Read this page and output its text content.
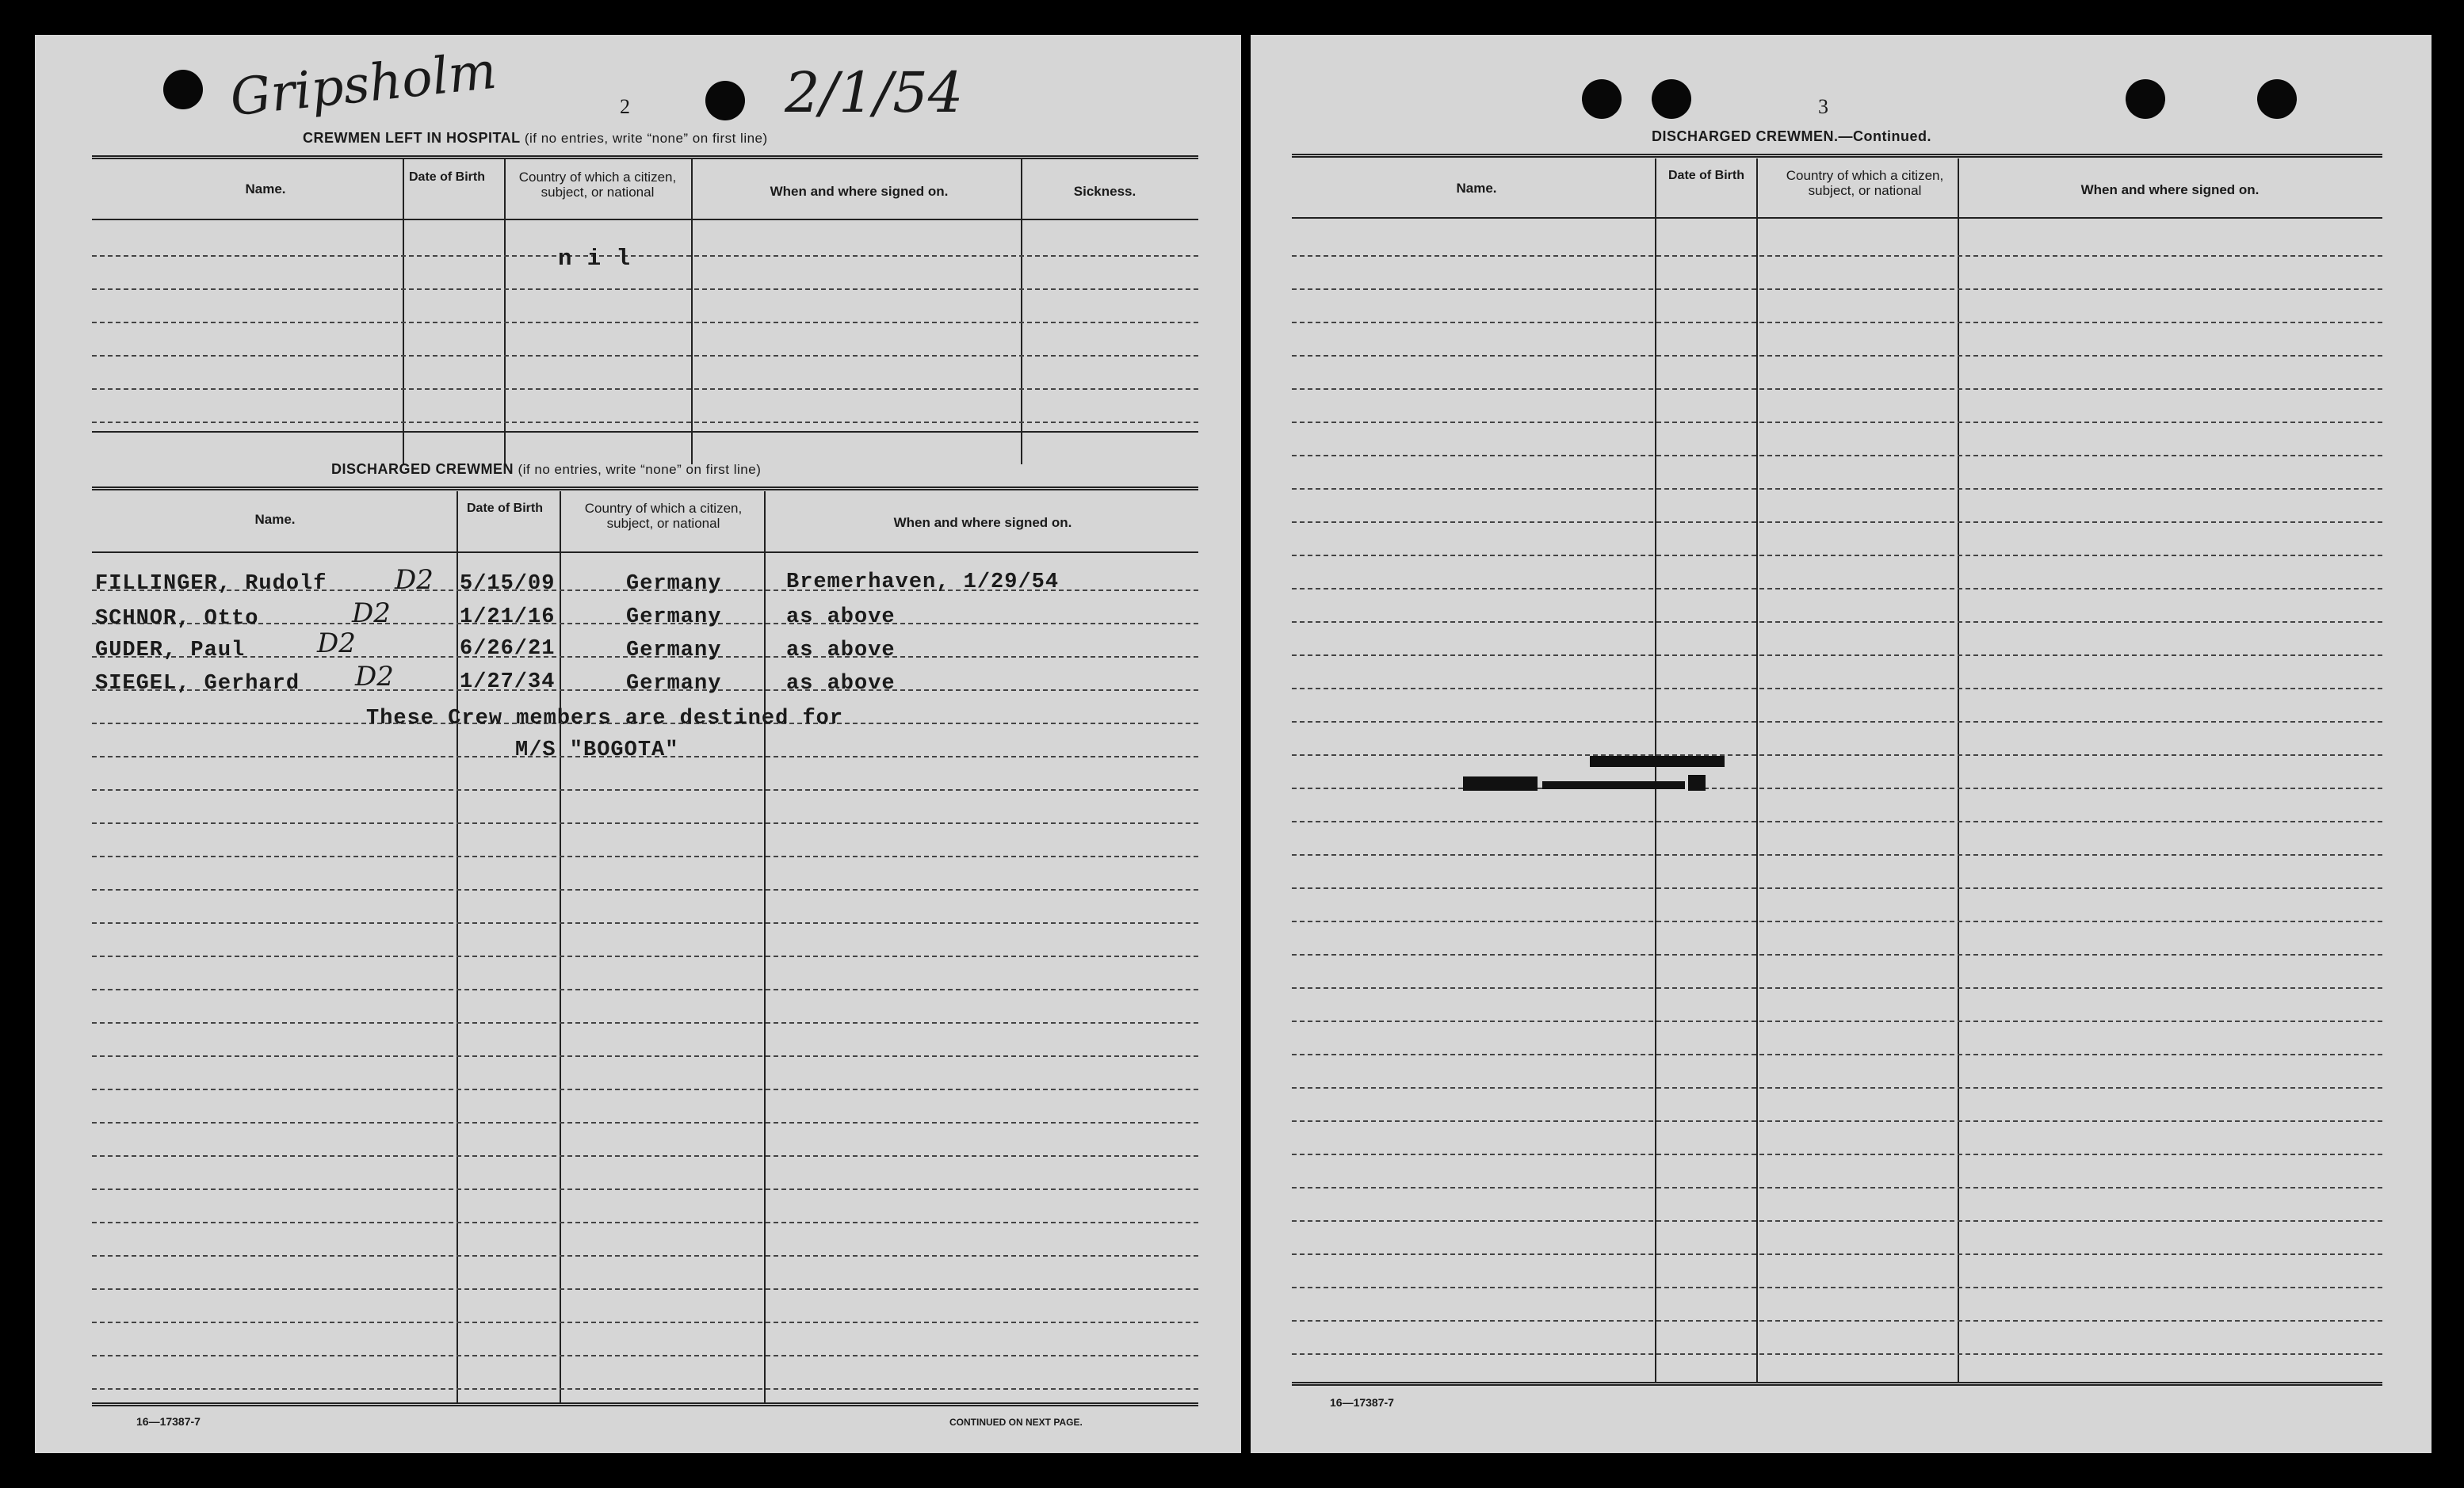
Gripsholm	2/1/54
2
CREWMEN LEFT IN HOSPITAL (if no entries, write “none” on first line)
Name.
Date of Birth	Country of which a citizen, subject, or national	When and where signed on.	Sickness.
n i l
DISCHARGED CREWMEN (if no entries, write “none” on first line)
Name.
Date of Birth	Country of which a citizen, subject, or national	When and where signed on.
FILLINGER, Rudolf	D2 5/15/09	Germany	Bremerhaven, 1/29/54
SCHNOR, Otto	D2	1/21/16	Germany	as above
GUDER, Paul	D2	6/26/21	Germany	as above
SIEGEL, Gerhard D2	1/27/34	Germany	as above
These Crew members are destined for
M/S "BOGOTA"
16—17387-7	CONTINUED ON NEXT PAGE.
3
DISCHARGED CREWMEN.—Continued.
Name.
Date of Birth	Country of which a citizen, subject, or national	When and where signed on.
16—17387-7
